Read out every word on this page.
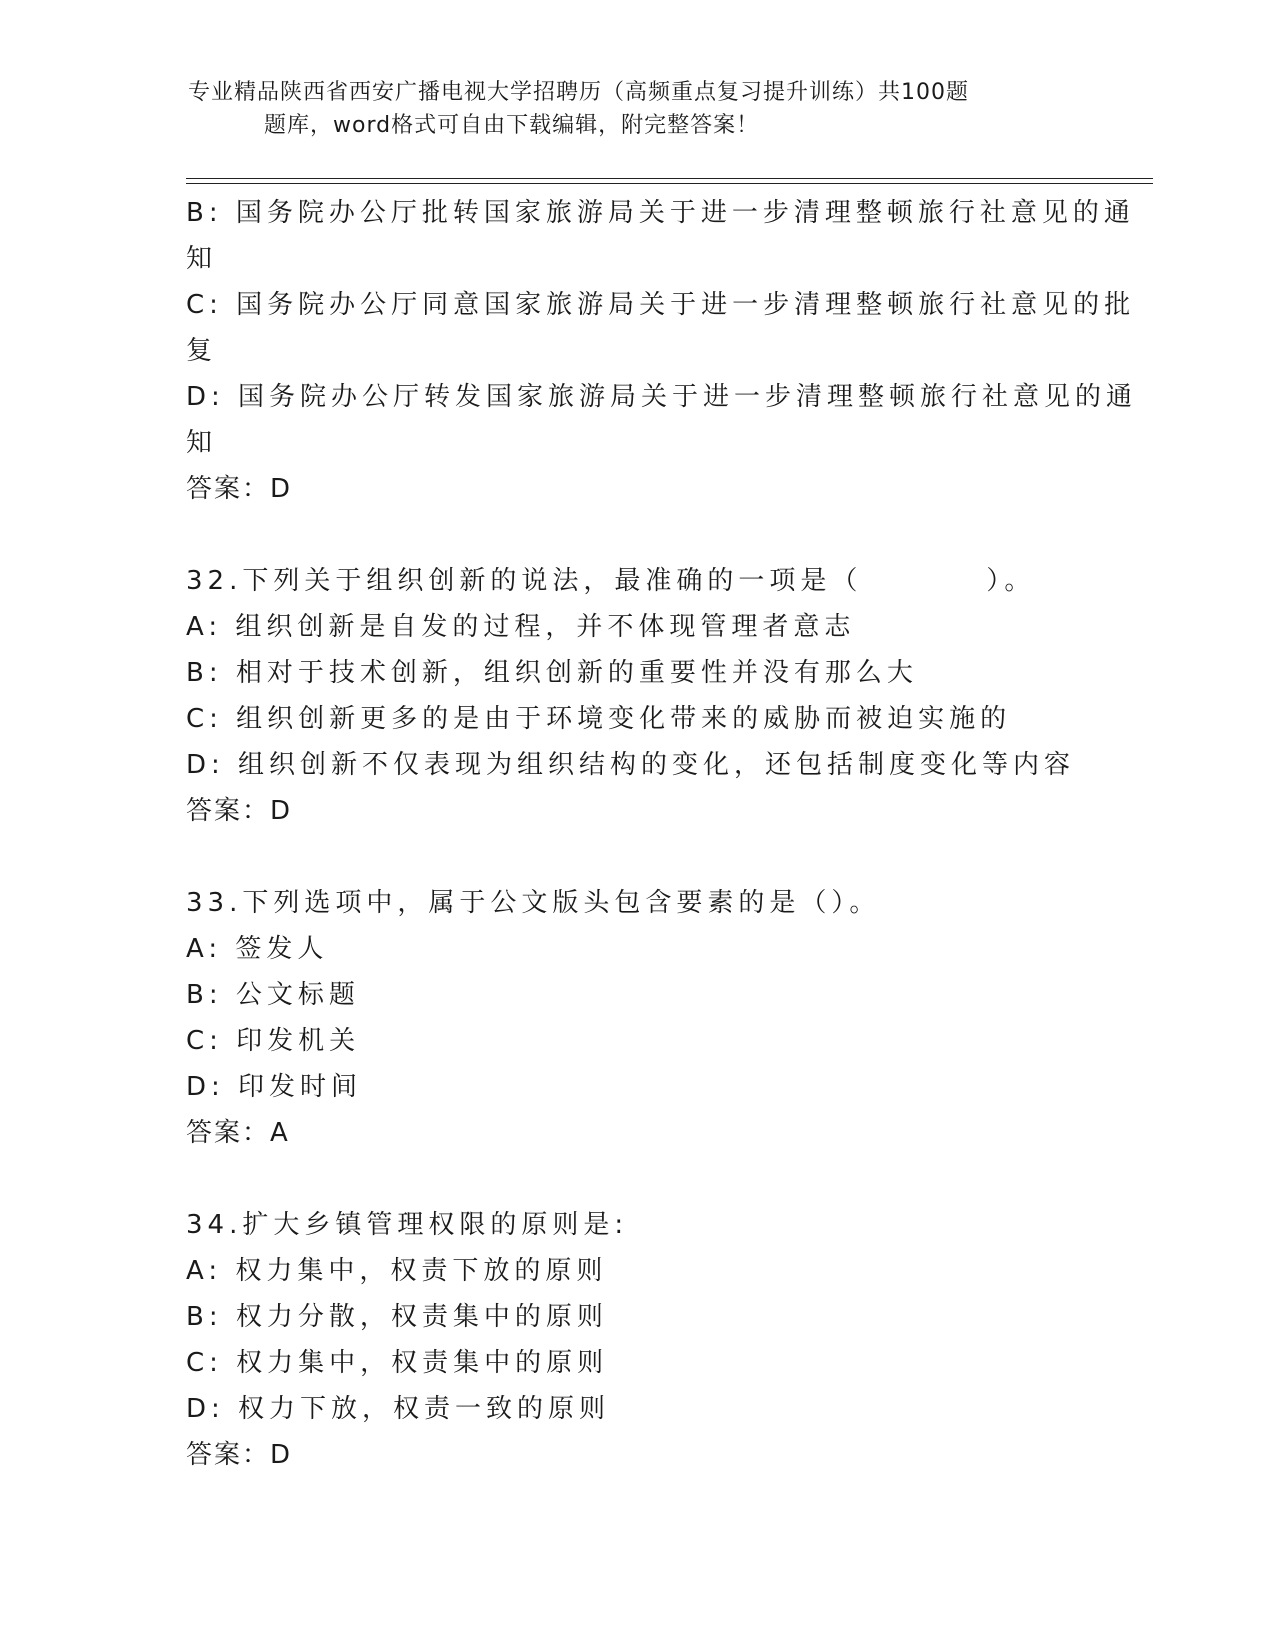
专业精品陕西省西安广播电视大学招聘历（高频重点复习提升训练）共100题
题库，word格式可自由下载编辑，附完整答案！
B: 国务院办公厅批转国家旅游局关于进一步清理整顿旅行社意见的通
知
C: 国务院办公厅同意国家旅游局关于进一步清理整顿旅行社意见的批
复
D: 国务院办公厅转发国家旅游局关于进一步清理整顿旅行社意见的通
知
答案：D
32.下列关于组织创新的说法，最准确的一项是（　　　　）。
A: 组织创新是自发的过程，并不体现管理者意志
B: 相对于技术创新，组织创新的重要性并没有那么大
C: 组织创新更多的是由于环境变化带来的威胁而被迫实施的
D: 组织创新不仅表现为组织结构的变化，还包括制度变化等内容
答案：D
33.下列选项中，属于公文版头包含要素的是（）。
A: 签发人
B: 公文标题
C: 印发机关
D: 印发时间
答案：A
34.扩大乡镇管理权限的原则是:
A: 权力集中，权责下放的原则
B: 权力分散，权责集中的原则
C: 权力集中，权责集中的原则
D: 权力下放，权责一致的原则
答案：D
